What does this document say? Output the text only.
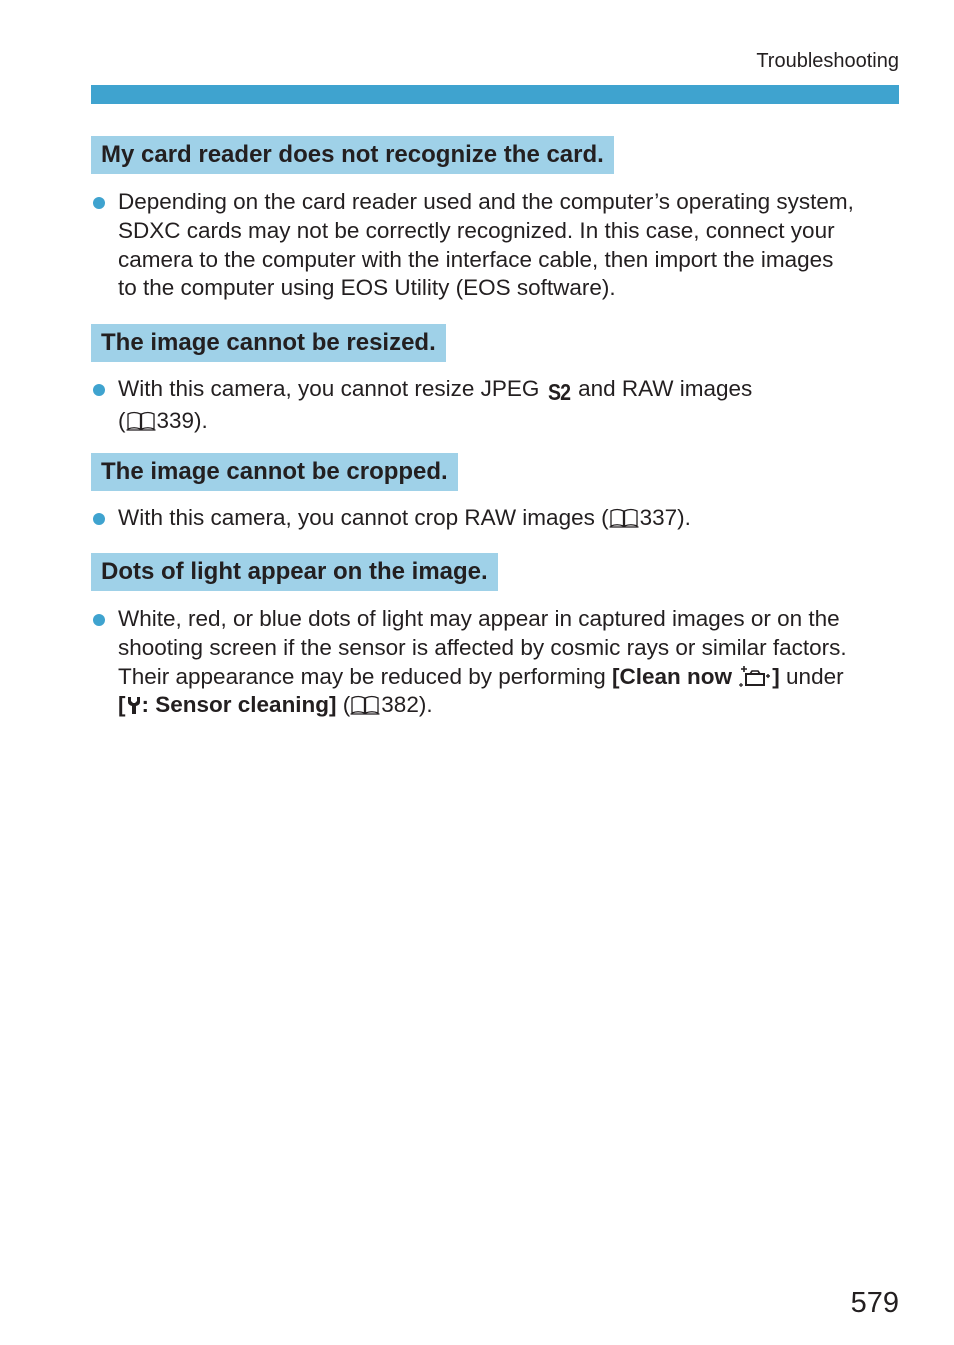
Troubleshooting
My card reader does not recognize the card.
Depending on the card reader used and the computer’s operating system,
SDXC cards may not be correctly recognized. In this case, connect your
camera to the computer with the interface cable, then import the images
to the computer using EOS Utility (EOS software).
The image cannot be resized.
With this camera, you cannot resize JPEG S2 and RAW images
( 339).
The image cannot be cropped.
With this camera, you cannot crop RAW images ( 337).
Dots of light appear on the image.
White, red, or blue dots of light may appear in captured images or on the
shooting screen if the sensor is affected by cosmic rays or similar factors.
Their appearance may be reduced by performing [Clean now ] under
[ : Sensor cleaning] ( 382).
579
